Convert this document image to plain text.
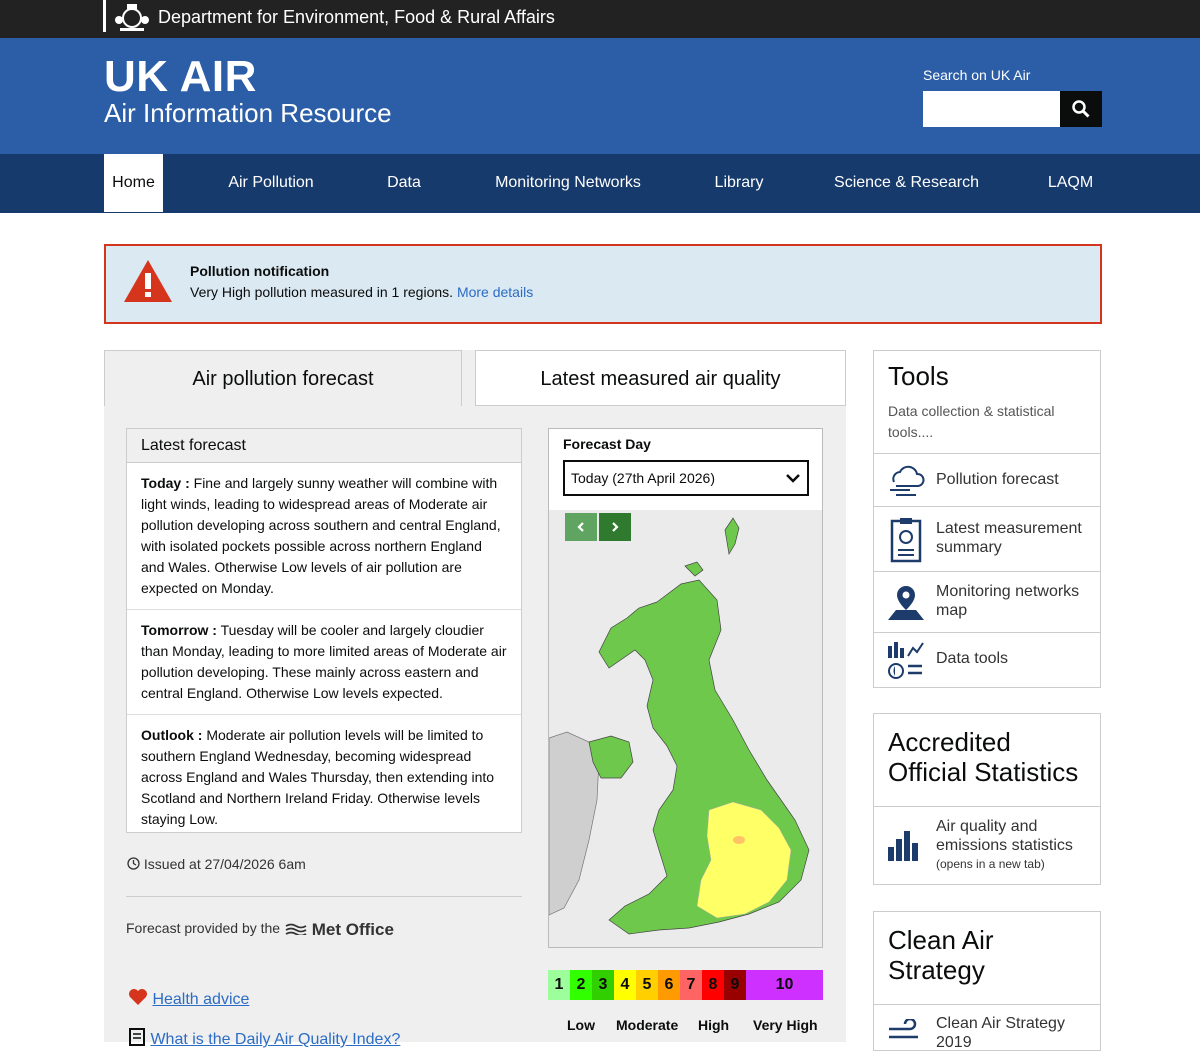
Department for Environment, Food & Rural Affairs
UK AIR
Air Information Resource
Search on UK Air
Home	Air Pollution	Data	Monitoring Networks	Library	Science & Research	LAQM
Pollution notification
Very High pollution measured in 1 regions. More details
Air pollution forecast	Latest measured air quality
Latest forecast
Today : Fine and largely sunny weather will combine with light winds, leading to widespread areas of Moderate air pollution developing across southern and central England, with isolated pockets possible across northern England and Wales. Otherwise Low levels of air pollution are expected on Monday.
Tomorrow : Tuesday will be cooler and largely cloudier than Monday, leading to more limited areas of Moderate air pollution developing. These mainly across eastern and central England. Otherwise Low levels expected.
Outlook : Moderate air pollution levels will be limited to southern England Wednesday, becoming widespread across England and Wales Thursday, then extending into Scotland and Northern Ireland Friday. Otherwise levels staying Low.
Issued at 27/04/2026 6am
Forecast provided by the	Met Office
Health advice
What is the Daily Air Quality Index?
Forecast Day
Today (27th April 2026)
1 2 3 4 5 6 7 8 9	10
Low Moderate High Very High
Tools
Data collection & statistical tools....
Pollution forecast
Latest measurement summary
Monitoring networks map
Data tools
Accredited Official Statistics
Air quality and emissions statistics
(opens in a new tab)
Clean Air Strategy
Clean Air Strategy 2019
